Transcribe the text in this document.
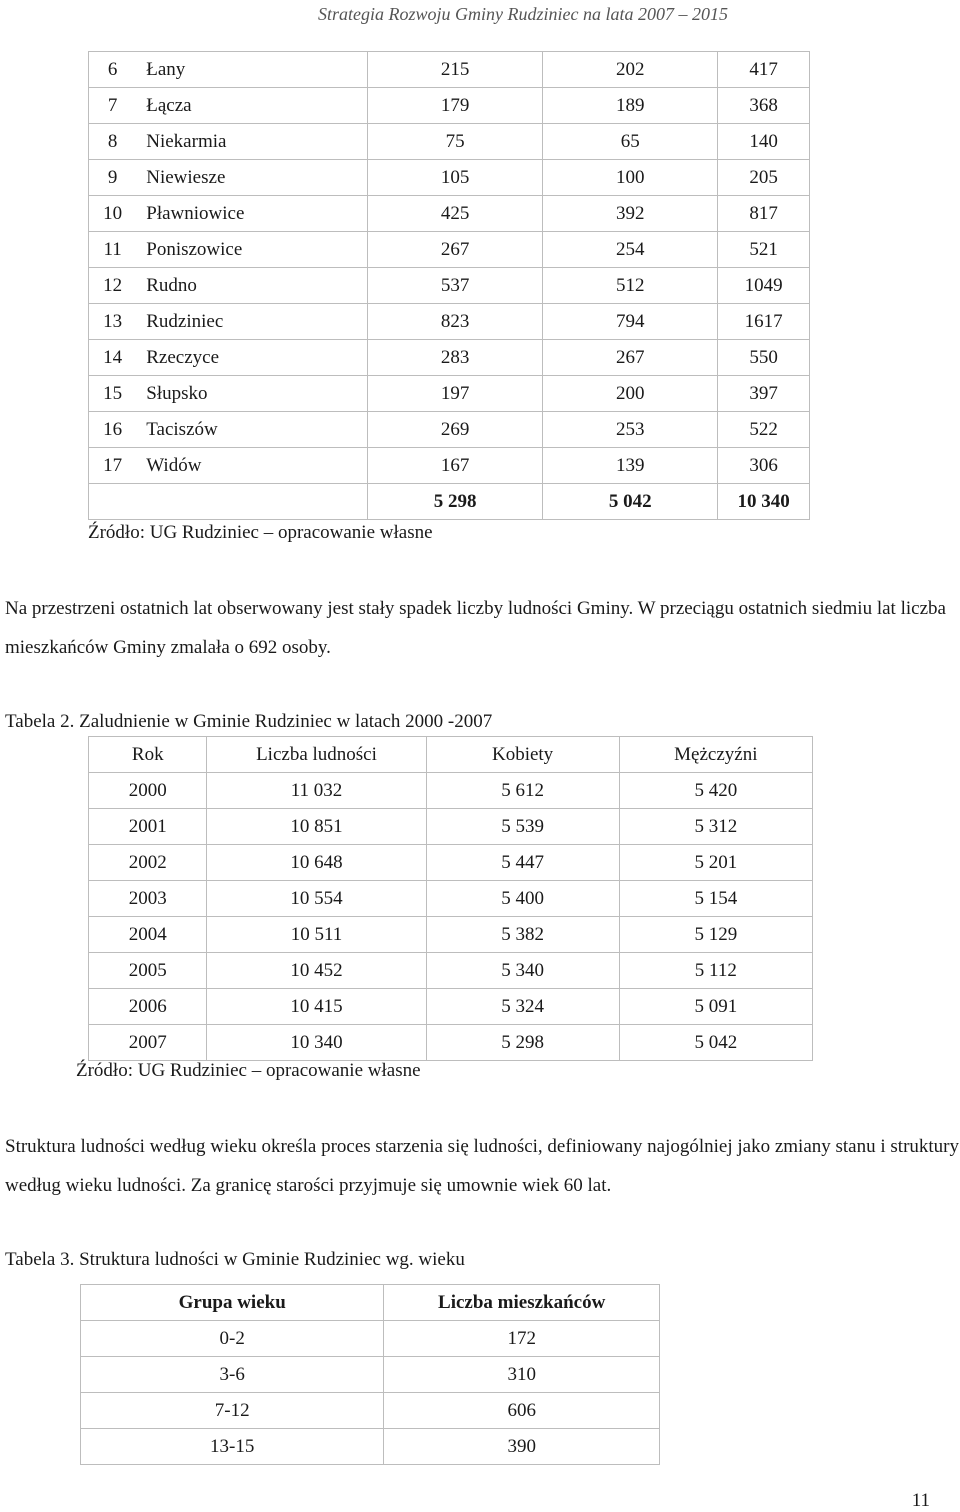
Strategia Rozwoju Gminy Rudziniec na lata 2007 – 2015
6	Łany	215	202	417
7	Łącza	179	189	368
8	Niekarmia	75	65	140
9	Niewiesze	105	100	205
10	Pławniowice	425	392	817
11	Poniszowice	267	254	521
12	Rudno	537	512	1049
13	Rudziniec	823	794	1617
14	Rzeczyce	283	267	550
15	Słupsko	197	200	397
16	Taciszów	269	253	522
17	Widów	167	139	306
		5 298	5 042	10 340
Źródło: UG Rudziniec – opracowanie własne
Na przestrzeni ostatnich lat obserwowany jest stały spadek liczby ludności Gminy. W przeciągu ostatnich siedmiu lat liczba mieszkańców Gminy zmalała o 692 osoby.
Tabela 2. Zaludnienie w Gminie Rudziniec w latach 2000 -2007
Rok	Liczba ludności	Kobiety	Mężczyźni
2000	11 032	5 612	5 420
2001	10 851	5 539	5 312
2002	10 648	5 447	5 201
2003	10 554	5 400	5 154
2004	10 511	5 382	5 129
2005	10 452	5 340	5 112
2006	10 415	5 324	5 091
2007	10 340	5 298	5 042
Źródło: UG Rudziniec – opracowanie własne
Struktura ludności według wieku określa proces starzenia się ludności, definiowany najogólniej jako zmiany stanu i struktury według wieku ludności. Za granicę starości przyjmuje się umownie wiek 60 lat.
Tabela 3. Struktura ludności w Gminie Rudziniec wg. wieku
Grupa wieku	Liczba mieszkańców
0-2	172
3-6	310
7-12	606
13-15	390
11
